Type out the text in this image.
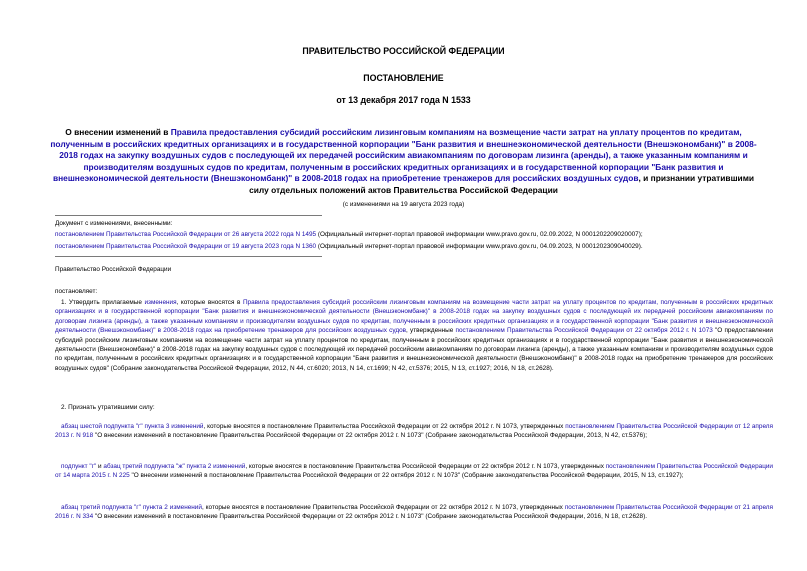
ПРАВИТЕЛЬСТВО РОССИЙСКОЙ ФЕДЕРАЦИИ
ПОСТАНОВЛЕНИЕ
от 13 декабря 2017 года N 1533
О внесении изменений в Правила предоставления субсидий российским лизинговым компаниям на возмещение части затрат на уплату процентов по кредитам, полученным в российских кредитных организациях и в государственной корпорации "Банк развития и внешнеэкономической деятельности (Внешэкономбанк)" в 2008-2018 годах на закупку воздушных судов с последующей их передачей российским авиакомпаниям по договорам лизинга (аренды), а также указанным компаниям и производителям воздушных судов по кредитам, полученным в российских кредитных организациях и в государственной корпорации "Банк развития и внешнеэкономической деятельности (Внешэкономбанк)" в 2008-2018 годах на приобретение тренажеров для российских воздушных судов, и признании утратившими силу отдельных положений актов Правительства Российской Федерации
(с изменениями на 19 августа 2023 года)
Документ с изменениями, внесенными:
постановлением Правительства Российской Федерации от 26 августа 2022 года N 1495 (Официальный интернет-портал правовой информации www.pravo.gov.ru, 02.09.2022, N 0001202209020007);
постановлением Правительства Российской Федерации от 19 августа 2023 года N 1360 (Официальный интернет-портал правовой информации www.pravo.gov.ru, 04.09.2023, N 0001202309040029).
Правительство Российской Федерации
постановляет:
1. Утвердить прилагаемые изменения, которые вносятся в Правила предоставления субсидий российским лизинговым компаниям на возмещение части затрат на уплату процентов по кредитам, полученным в российских кредитных организациях и в государственной корпорации "Банк развития и внешнеэкономической деятельности (Внешэкономбанк)" в 2008-2018 годах на закупку воздушных судов с последующей их передачей российским авиакомпаниям по договорам лизинга (аренды), а также указанным компаниям и производителям воздушных судов по кредитам, полученным в российских кредитных организациях и в государственной корпорации "Банк развития и внешнеэкономической деятельности (Внешэкономбанк)" в 2008-2018 годах на приобретение тренажеров для российских воздушных судов, утвержденные постановлением Правительства Российской Федерации от 22 октября 2012 г. N 1073 "О предоставлении субсидий российским лизинговым компаниям на возмещение части затрат на уплату процентов по кредитам, полученным в российских кредитных организациях и в государственной корпорации "Банк развития и внешнеэкономической деятельности (Внешэкономбанк)" в 2008-2018 годах на закупку воздушных судов с последующей их передачей российским авиакомпаниям по договорам лизинга (аренды), а также указанным компаниям и производителям воздушных судов по кредитам, полученным в российских кредитных организациях и в государственной корпорации "Банк развития и внешнеэкономической деятельности (Внешэкономбанк)" в 2008-2018 годах на приобретение тренажеров для российских воздушных судов" (Собрание законодательства Российской Федерации, 2012, N 44, ст.6020; 2013, N 14, ст.1699; N 42, ст.5376; 2015, N 13, ст.1927; 2016, N 18, ст.2628).
2. Признать утратившими силу:
абзац шестой подпункта "г" пункта 3 изменений, которые вносятся в постановление Правительства Российской Федерации от 22 октября 2012 г. N 1073, утвержденных постановлением Правительства Российской Федерации от 12 апреля 2013 г. N 918 "О внесении изменений в постановление Правительства Российской Федерации от 22 октября 2012 г. N 1073" (Собрание законодательства Российской Федерации, 2013, N 42, ст.5376);
подпункт "г" и абзац третий подпункта "ж" пункта 2 изменений, которые вносятся в постановление Правительства Российской Федерации от 22 октября 2012 г. N 1073, утвержденных постановлением Правительства Российской Федерации от 14 марта 2015 г. N 225 "О внесении изменений в постановление Правительства Российской Федерации от 22 октября 2012 г. N 1073" (Собрание законодательства Российской Федерации, 2015, N 13, ст.1927);
абзац третий подпункта "г" пункта 2 изменений, которые вносятся в постановление Правительства Российской Федерации от 22 октября 2012 г. N 1073, утвержденных постановлением Правительства Российской Федерации от 21 апреля 2016 г. N 334 "О внесении изменений в постановление Правительства Российской Федерации от 22 октября 2012 г. N 1073" (Собрание законодательства Российской Федерации, 2016, N 18, ст.2628).
